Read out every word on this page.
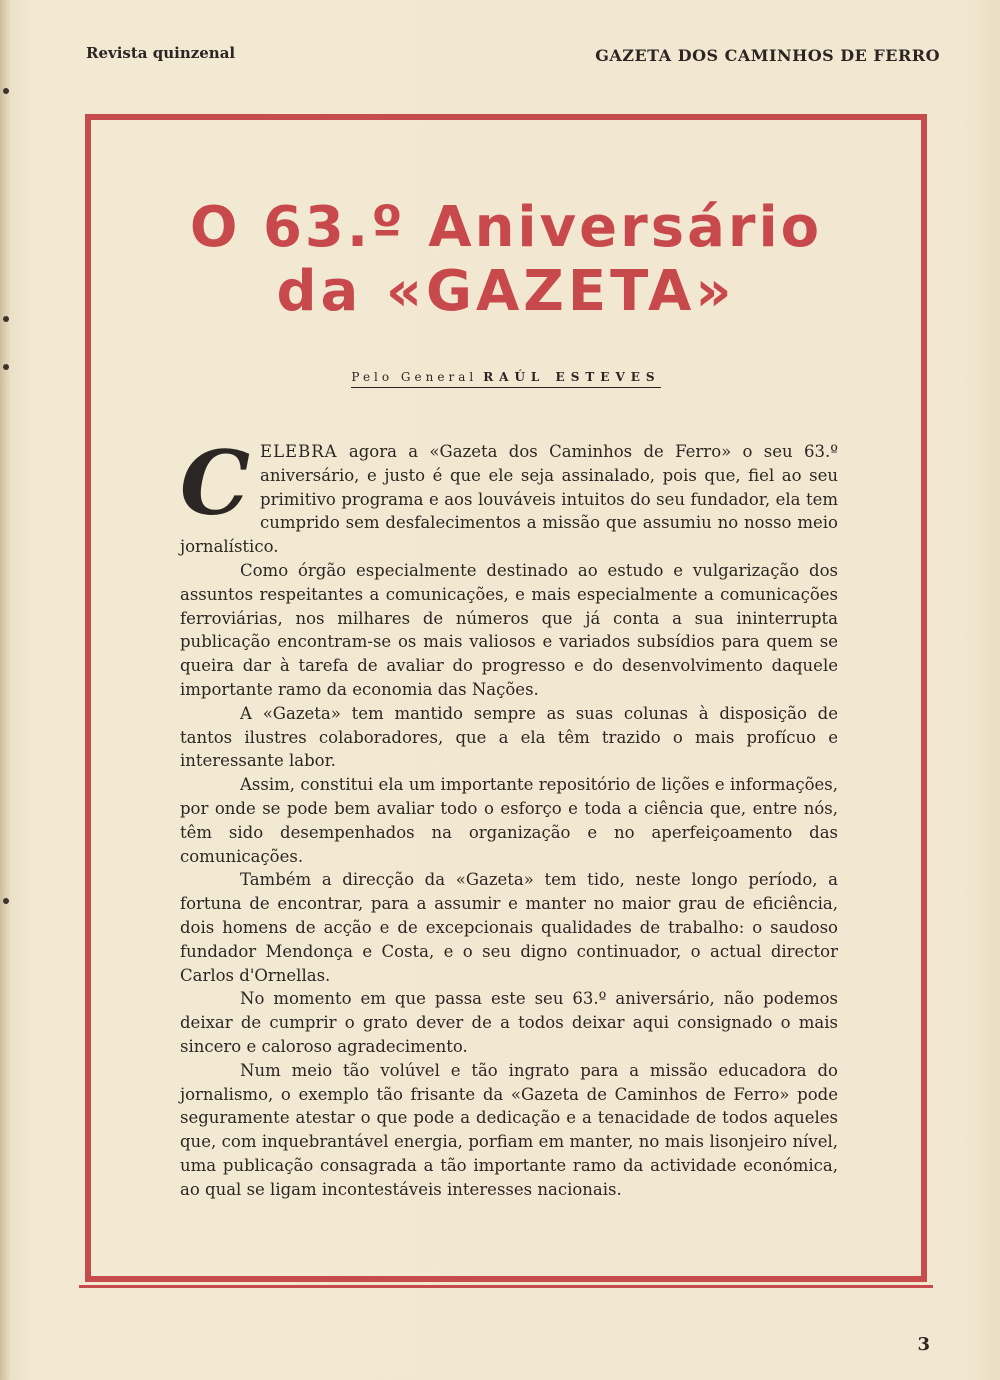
Revista quinzenal	GAZETA DOS CAMINHOS DE FERRO
O 63.º Aniversário
da «GAZETA»
Pelo General RAÚL ESTEVES

CELEBRA agora a «Gazeta dos Caminhos de Ferro» o seu 63.º aniversário, e justo é que ele seja assinalado, pois que, fiel ao seu primitivo programa e aos louváveis intuitos do seu fundador, ela tem cumprido sem desfalecimentos a missão que assumiu no nosso meio jornalístico.

Como órgão especialmente destinado ao estudo e vulgarização dos assuntos respeitantes a comunicações, e mais especialmente a comunicações ferroviárias, nos milhares de números que já conta a sua ininterrupta publicação encontram-se os mais valiosos e variados subsídios para quem se queira dar à tarefa de avaliar do progresso e do desenvolvimento daquele importante ramo da economia das Nações.

A «Gazeta» tem mantido sempre as suas colunas à disposição de tantos ilustres colaboradores, que a ela têm trazido o mais profícuo e interessante labor.

Assim, constitui ela um importante repositório de lições e informações, por onde se pode bem avaliar todo o esforço e toda a ciência que, entre nós, têm sido desempenhados na organização e no aperfeiçoamento das comunicações.

Também a direcção da «Gazeta» tem tido, neste longo período, a fortuna de encontrar, para a assumir e manter no maior grau de eficiência, dois homens de acção e de excepcionais qualidades de trabalho: o saudoso fundador Mendonça e Costa, e o seu digno continuador, o actual director Carlos d'Ornellas.

No momento em que passa este seu 63.º aniversário, não podemos deixar de cumprir o grato dever de a todos deixar aqui consignado o mais sincero e caloroso agradecimento.

Num meio tão volúvel e tão ingrato para a missão educadora do jornalismo, o exemplo tão frisante da «Gazeta de Caminhos de Ferro» pode seguramente atestar o que pode a dedicação e a tenacidade de todos aqueles que, com inquebrantável energia, porfiam em manter, no mais lisonjeiro nível, uma publicação consagrada a tão importante ramo da actividade económica, ao qual se ligam incontestáveis interesses nacionais.

3
